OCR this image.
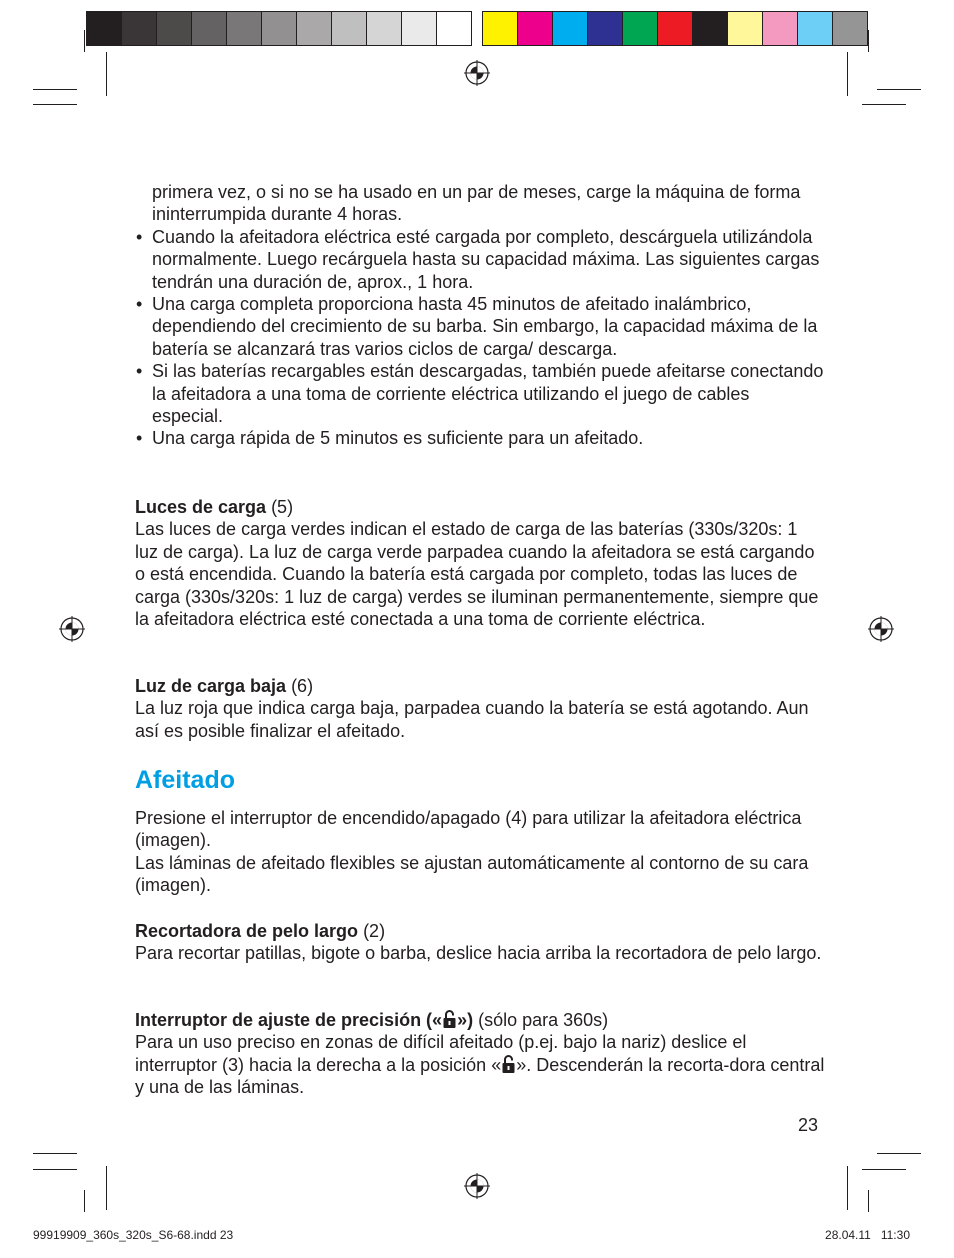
primera vez, o si no se ha usado en un par de meses, carge la máquina de forma ininterrumpida durante 4 horas.

• Cuando la afeitadora eléctrica esté cargada por completo, descárguela utilizándola normalmente. Luego recárguela hasta su capacidad máxima. Las siguientes cargas tendrán una duración de, aprox., 1 hora.
• Una carga completa proporciona hasta 45 minutos de afeitado inalámbrico, dependiendo del crecimiento de su barba. Sin embargo, la capacidad máxima de la batería se alcanzará tras varios ciclos de carga/ descarga.
• Si las baterías recargables están descargadas, también puede afeitarse conectando la afeitadora a una toma de corriente eléctrica utilizando el juego de cables especial.
• Una carga rápida de 5 minutos es suficiente para un afeitado.
Luces de carga (5)
Las luces de carga verdes indican el estado de carga de las baterías (330s/320s: 1 luz de carga). La luz de carga verde parpadea cuando la afeitadora se está cargando o está encendida. Cuando la batería está cargada por completo, todas las luces de carga (330s/320s: 1 luz de carga) verdes se iluminan permanentemente, siempre que la afeitadora eléctrica esté conectada a una toma de corriente eléctrica.
Luz de carga baja (6)
La luz roja que indica carga baja, parpadea cuando la batería se está agotando. Aun así es posible finalizar el afeitado.
Afeitado
Presione el interruptor de encendido/apagado (4) para utilizar la afeitadora eléctrica (imagen).
Las láminas de afeitado flexibles se ajustan automáticamente al contorno de su cara (imagen).
Recortadora de pelo largo (2)
Para recortar patillas, bigote o barba, deslice hacia arriba la recortadora de pelo largo.
Interruptor de ajuste de precisión (« ») (sólo para 360s)
Para un uso preciso en zonas de difícil afeitado (p.ej. bajo la nariz) deslice el interruptor (3) hacia la derecha a la posición « ». Descenderán la recorta-dora central y una de las láminas.
23
99919909_360s_320s_S6-68.indd 23	28.04.11   11:30
